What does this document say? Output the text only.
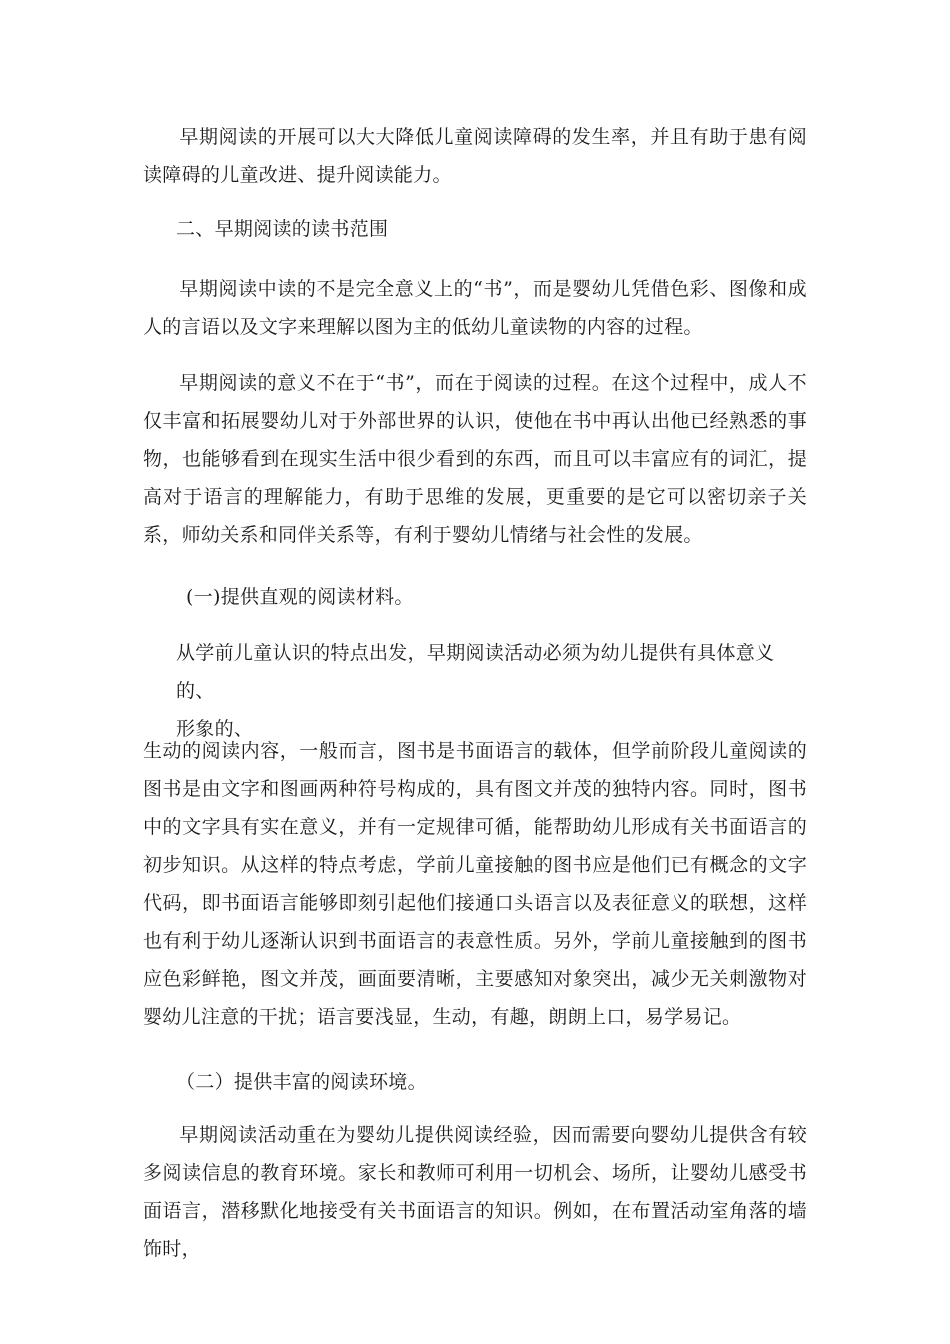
早期阅读的开展可以大大降低儿童阅读障碍的发生率，并且有助于患有阅读障碍的儿童改进、提升阅读能力。

二、早期阅读的读书范围

早期阅读中读的不是完全意义上的“书”，而是婴幼儿凭借色彩、图像和成人的言语以及文字来理解以图为主的低幼儿童读物的内容的过程。

早期阅读的意义不在于“书”，而在于阅读的过程。在这个过程中，成人不仅丰富和拓展婴幼儿对于外部世界的认识，使他在书中再认出他已经熟悉的事物，也能够看到在现实生活中很少看到的东西，而且可以丰富应有的词汇，提高对于语言的理解能力，有助于思维的发展，更重要的是它可以密切亲子关系，师幼关系和同伴关系等，有利于婴幼儿情绪与社会性的发展。

(一)提供直观的阅读材料。

从学前儿童认识的特点出发，早期阅读活动必须为幼儿提供有具体意义的、
形象的、

生动的阅读内容，一般而言，图书是书面语言的载体，但学前阶段儿童阅读的图书是由文字和图画两种符号构成的，具有图文并茂的独特内容。同时，图书中的文字具有实在意义，并有一定规律可循，能帮助幼儿形成有关书面语言的初步知识。从这样的特点考虑，学前儿童接触的图书应是他们已有概念的文字代码，即书面语言能够即刻引起他们接通口头语言以及表征意义的联想，这样也有利于幼儿逐渐认识到书面语言的表意性质。另外，学前儿童接触到的图书应色彩鲜艳，图文并茂，画面要清晰，主要感知对象突出，减少无关刺激物对婴幼儿注意的干扰；语言要浅显，生动，有趣，朗朗上口，易学易记。

（二）提供丰富的阅读环境。

早期阅读活动重在为婴幼儿提供阅读经验，因而需要向婴幼儿提供含有较多阅读信息的教育环境。家长和教师可利用一切机会、场所，让婴幼儿感受书面语言，潜移默化地接受有关书面语言的知识。例如，在布置活动室角落的墙饰时，
